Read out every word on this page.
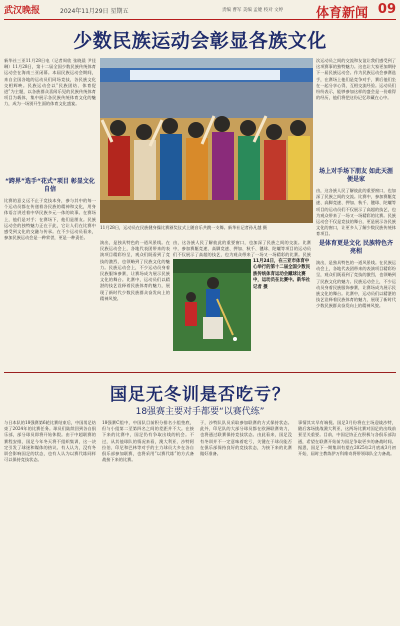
武汉晚报	2024年11月29日 星期五	责编 曹军 美编 孟婕 校对 文婷	体育新闻 09
少数民族运动会彰显各族文化
新华社三亚11月28日电（记者周欣 张晓晨 尹佳琳）11月28日，第十二届全国少数民族传统体育运动会在海南三亚闭幕。本届民族运动会期间，来自全国各地的运动员们同场竞技，各民族文化交相辉映。民族运动会以“民族团结、体育促进”为主题，以各族群众喜闻乐见的民族传统体育项目为载体，集中展示各民族传统体育文化的魅力，成为一场别开生面的体育文化盛宴。
“跨界”选手“花式”项目 彰显文化自信
比赛的意义远不止于竞技本身，参与其中的每一个运动员都在传递着各民族的精神和文化，用身体语言讲述着中华民族多元一体的故事。在赛场上，他们是对手；在赛场下，他们是朋友。民族运动会的独特魅力正在于此，它让人们在比赛中感受到文化的交融与传承。在不少运动员看来，参加民族运动会是一种荣誉，更是一种责任。
11月28日，运动员在民族健身操比赛颁奖仪式上随音乐共跳一支舞。新华社记者孙凡越 摄
演出，是独具特色的一道风景线。在民族运动会上，各地代表团带来的表演项目精彩纷呈，观众们既看到了竞技的激烈，也领略到了民族文化的魅力。民族运动会上，不少运动员身着民族服饰参赛，让赛场成为展示民族文化的舞台。比赛中，运动员们以精湛的技艺诠释着民族体育的魅力，展现了新时代少数民族群众奋发向上的精神风貌。
由，这各族人民了解彼此的重要窗口，也加深了民族之间的交流。比赛中，参加赛艇竞速、高脚竞速、押加、秋千、毽球、陀螺等项目的运动员们不仅展示了高超的技艺，也为观众带来了一场又一场精彩的比赛。民族
11月24日，在三亚市体育中心举行的第十二届全国少数民族传统体育运动会蹴球比赛中，运动员在比赛中。新华社记者 摄
次运动员之间的交流和友谊让我们感受到了这项赛事的独特魅力。这也让大家更加期待下一届民族运动会。作为民族运动会参赛选手，在赛场上他们是竞争对手，赛后他们坐在一起分享心得，互相交流经验。运动员们纷纷表示，能够参加这样的盛会是一份难得的经历，他们将把这份记忆珍藏在心中。
场上对手场下朋友 如此天涯便是家
由，这各族人民了解彼此的重要窗口，也加深了民族之间的交流。比赛中，参加赛艇竞速、高脚竞速、押加、秋千、毽球、陀螺等项目的运动员们不仅展示了高超的技艺，也为观众带来了一场又一场精彩的比赛。民族运动会不仅是竞技的舞台，更是展示各民族文化的窗口，让更多人了解少数民族传统体育项目。
是体育更是文化 民族特色齐亮相
演出，是独具特色的一道风景线。在民族运动会上，各地代表团带来的表演项目精彩纷呈，观众们既看到了竞技的激烈，也领略到了民族文化的魅力。民族运动会上，不少运动员身着民族服饰参赛，让赛场成为展示民族文化的舞台。比赛中，运动员们以精湛的技艺诠释着民族体育的魅力，展现了新时代少数民族群众奋发向上的精神风貌。
国足无冬训是否吃亏？
18强赛主要对手都要“以赛代练”
与日本队的18强赛第6轮比赛结束后，中国男足结束了2024年的比赛任务。球员们陆续回到各自俱乐部，部分球员即将开始休假。由于中超联赛的赛程安排，国足今年冬天将不组织集训，这一决定引发了球迷和媒体的热议。有人认为，没有冬训会影响国足的状态，也有人认为以赛代练同样可以保持竞技状态。
18强赛C组中，中国队目前积分排名小组垫底，但与小组第二至第四名之间的差距并不大。在接下来的比赛中，国足仍有争取出线的机会。不过，从其他球队的情况来看，澳大利亚、沙特阿拉伯、印尼和巴林等对手的主力球员大多在各自俱乐部参加联赛，也将采用“以赛代练”的方式备战接下来的比赛。
于，沙特队队员采取参加联赛的方式保持状态。此外，印尼队的大部分球员都在欧洲联赛效力，也将通过联赛保持竞技状态。由此看来，国足没有冬训并不一定意味着吃亏，关键在于球员能否在俱乐部保持良好的竞技状态，为接下来的比赛做好准备。
事情其实早有端倪。国足3月份将在主场迎战沙特，随后客场挑战澳大利亚，这两场比赛对国足的出线前景至关重要。目前，中国足协正在积极与各俱乐部沟通，希望在联赛开始前为国足争取更多的备战时间。据悉，国足下一期集训有望在2025年2月底或3月初开始，届时主教练伊万科维奇将带领球队全力备战。
